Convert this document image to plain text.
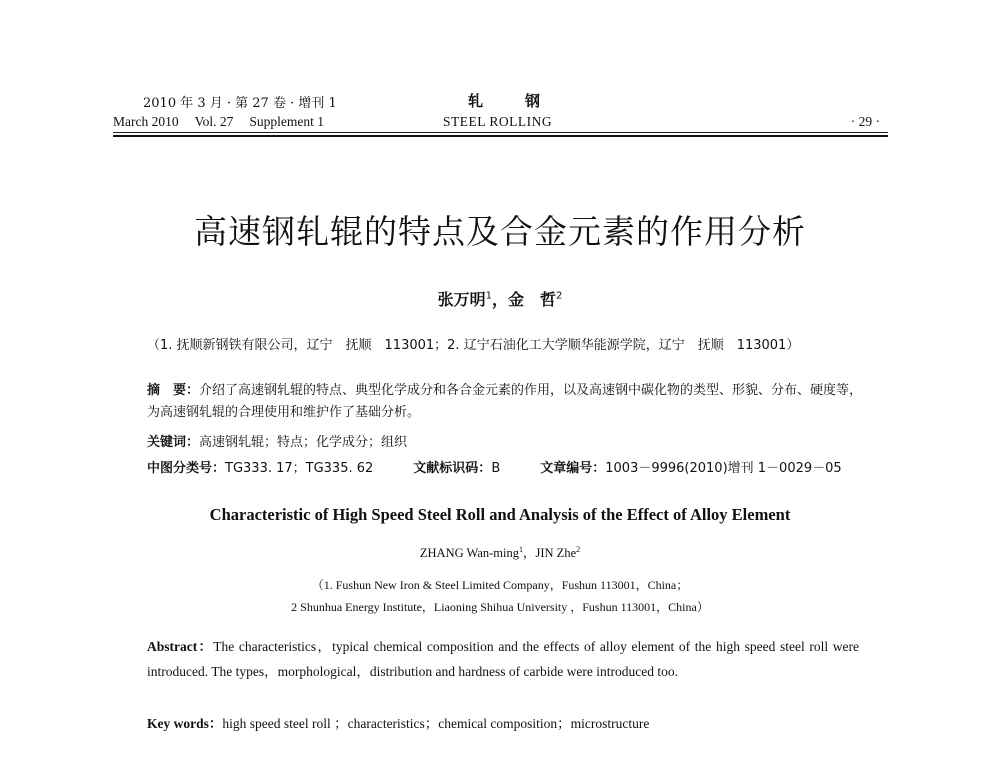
2010 年 3 月 · 第 27 卷 · 增刊 1	轧钢
March 2010 Vol. 27 Supplement 1	STEEL ROLLING	· 29 ·
高速钢轧辊的特点及合金元素的作用分析
张万明$^1$，金　哲$^2$
（1. 抚顺新钢铁有限公司，辽宁　抚顺　113001；2. 辽宁石油化工大学顺华能源学院，辽宁　抚顺　113001）
摘　要：介绍了高速钢轧辊的特点、典型化学成分和各合金元素的作用，以及高速钢中碳化物的类型、形貌、分布、硬度等，为高速钢轧辊的合理使用和维护作了基础分析。
关键词：高速钢轧辊；特点；化学成分；组织
中图分类号：TG333. 17；TG335. 62	文献标识码：B	文章编号：1003－9996(2010)增刊 1－0029－05
Characteristic of High Speed Steel Roll and Analysis of the Effect of Alloy Element
ZHANG Wan-ming$^1$，JIN Zhe$^2$
（1. Fushun New Iron & Steel Limited Company，Fushun 113001，China；
2 Shunhua Energy Institute，Liaoning Shihua University ，Fushun 113001，China）
Abstract：The characteristics，typical chemical composition and the effects of alloy element of the high speed steel roll were introduced. The types，morphological，distribution and hardness of carbide were introduced too.
Key words：high speed steel roll ；characteristics；chemical composition；microstructure
